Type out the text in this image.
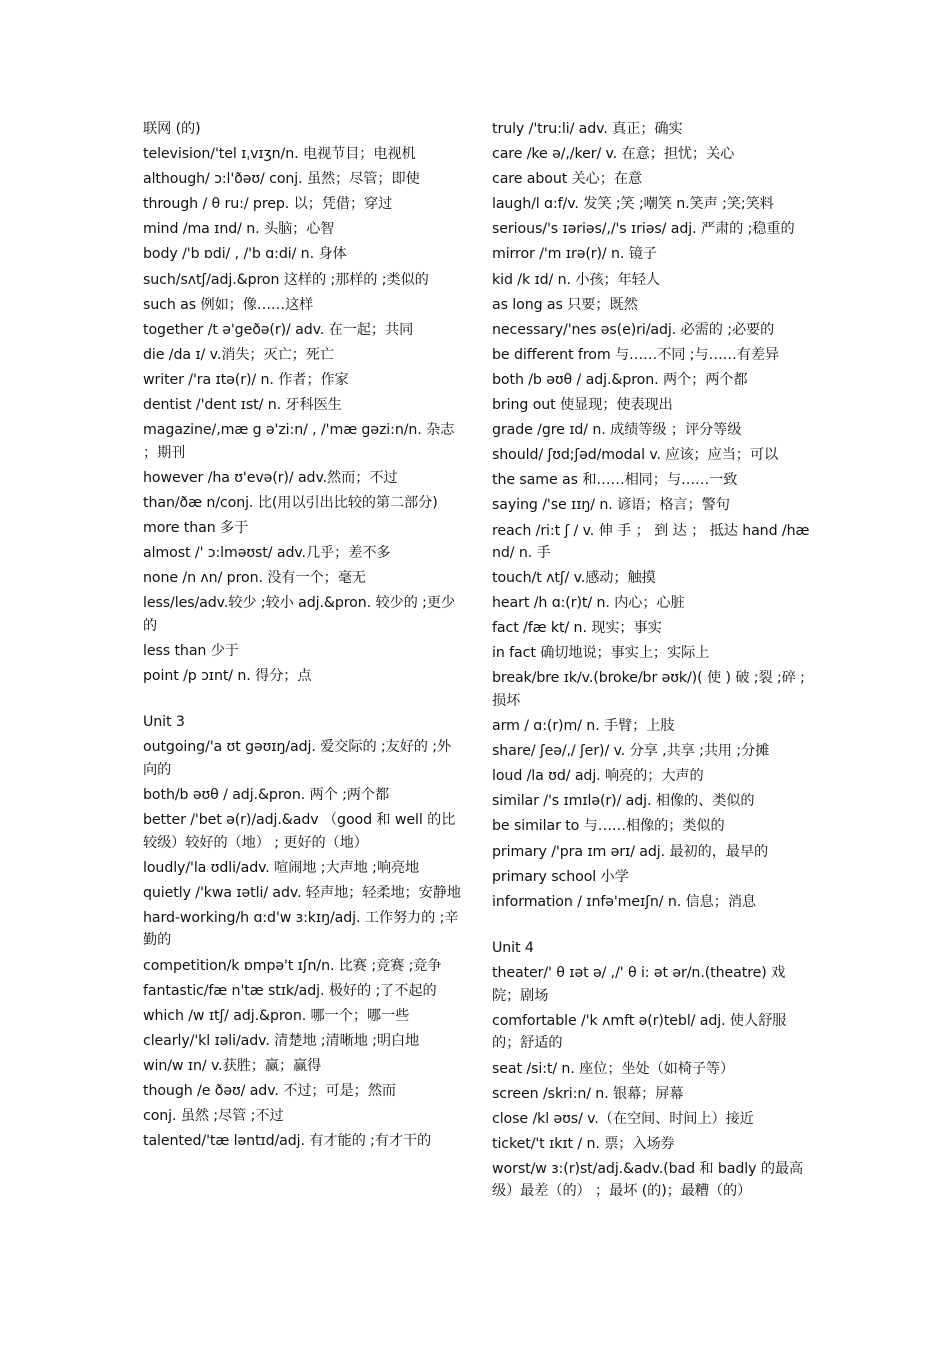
联网 (的)
television/'tel ɪˌvɪʒn/n. 电视节目；电视机
although/ ɔ:l'ðəʊ/ conj. 虽然；尽管；即使
through / θ ru:/ prep. 以；凭借；穿过
mind /ma ɪnd/ n. 头脑；心智
body /'b ɒdi/ , /'b ɑ:di/ n. 身体
such/sʌtʃ/adj.&pron 这样的 ;那样的 ;类似的
such as 例如；像……这样
together /t ə'geðə(r)/ adv. 在一起；共同
die /da ɪ/ v.消失；灭亡；死亡
writer /'ra ɪtə(r)/ n. 作者；作家
dentist /'dent ɪst/ n. 牙科医生
magazine/,mæ g ə'zi:n/ , /'mæ gəzi:n/n. 杂志 ；期刊
however /ha ʊ'evə(r)/ adv.然而；不过
than/ðæ n/conj. 比(用以引出比较的第二部分)
more than 多于
almost /' ɔ:lməʊst/ adv.几乎；差不多
none /n ʌn/ pron. 没有一个；毫无
less/les/adv.较少 ;较小 adj.&pron. 较少的 ;更少的
less than 少于
point /p ɔɪnt/ n. 得分；点
Unit 3
outgoing/'a ʊt gəʊɪŋ/adj. 爱交际的 ;友好的 ;外向的
both/b əʊθ / adj.&pron. 两个 ;两个都
better /'bet ə(r)/adj.&adv （good 和 well 的比较级）较好的（地） ; 更好的（地）
loudly/'la ʊdli/adv. 喧闹地 ;大声地 ;响亮地
quietly /'kwa ɪətli/ adv. 轻声地；轻柔地；安静地
hard-working/h ɑ:d'w ɜ:kɪŋ/adj. 工作努力的 ;辛勤的
competition/k ɒmpə't ɪʃn/n. 比赛 ;竞赛 ;竞争
fantastic/fæ n'tæ stɪk/adj. 极好的 ;了不起的
which /w ɪtʃ/ adj.&pron. 哪一个；哪一些
clearly/'kl ɪəli/adv. 清楚地 ;清晰地 ;明白地
win/w ɪn/ v.获胜；赢；赢得
though /e ðəʊ/ adv. 不过；可是；然而
conj. 虽然 ;尽管 ;不过
talented/'tæ ləntɪd/adj. 有才能的 ;有才干的
truly /'tru:li/ adv. 真正；确实
care /ke ə/,/ker/ v. 在意；担忧；关心
care about 关心；在意
laugh/l ɑ:f/v. 发笑 ;笑 ;嘲笑 n.笑声 ;笑;笑料
serious/'s ɪəriəs/,/'s ɪriəs/ adj. 严肃的 ;稳重的
mirror /'m ɪrə(r)/ n. 镜子
kid /k ɪd/ n. 小孩；年轻人
as long as 只要；既然
necessary/'nes əs(e)ri/adj. 必需的 ;必要的
be different from 与……不同 ;与……有差异
both /b əʊθ / adj.&pron. 两个；两个都
bring out 使显现；使表现出
grade /gre ɪd/ n. 成绩等级 ；评分等级
should/ ʃʊd;ʃəd/modal v. 应该；应当；可以
the same as 和……相同；与……一致
saying /'se ɪɪŋ/ n. 谚语；格言；警句
reach /ri:t ʃ / v. 伸 手 ； 到 达 ； 抵达 hand /hæ nd/ n. 手
touch/t ʌtʃ/ v.感动；触摸
heart /h ɑ:(r)t/ n. 内心；心脏
fact /fæ kt/ n. 现实；事实
in fact 确切地说；事实上；实际上
break/bre ɪk/v.(broke/br əʊk/)( 使 ) 破 ;裂 ;碎 ;损坏
arm / ɑ:(r)m/ n. 手臂；上肢
share/ ʃeə/,/ ʃer)/ v. 分享 ,共享 ;共用 ;分摊
loud /la ʊd/ adj. 响亮的；大声的
similar /'s ɪmɪlə(r)/ adj. 相像的、类似的
be similar to 与……相像的；类似的
primary /'pra ɪm ərɪ/ adj. 最初的，最早的
primary school 小学
information / ɪnfə'meɪʃn/ n. 信息；消息
Unit 4
theater/' θ ɪət ə/ ,/' θ i: ət ər/n.(theatre) 戏院；剧场
comfortable /'k ʌmft ə(r)tebl/ adj. 使人舒服的；舒适的
seat /si:t/ n. 座位；坐处（如椅子等）
screen /skri:n/ n. 银幕；屏幕
close /kl əʊs/ v.（在空间、时间上）接近
ticket/'t ɪkɪt / n. 票；入场券
worst/w ɜ:(r)st/adj.&adv.(bad 和 badly 的最高级）最差（的） ；最坏 (的)；最糟（的）
